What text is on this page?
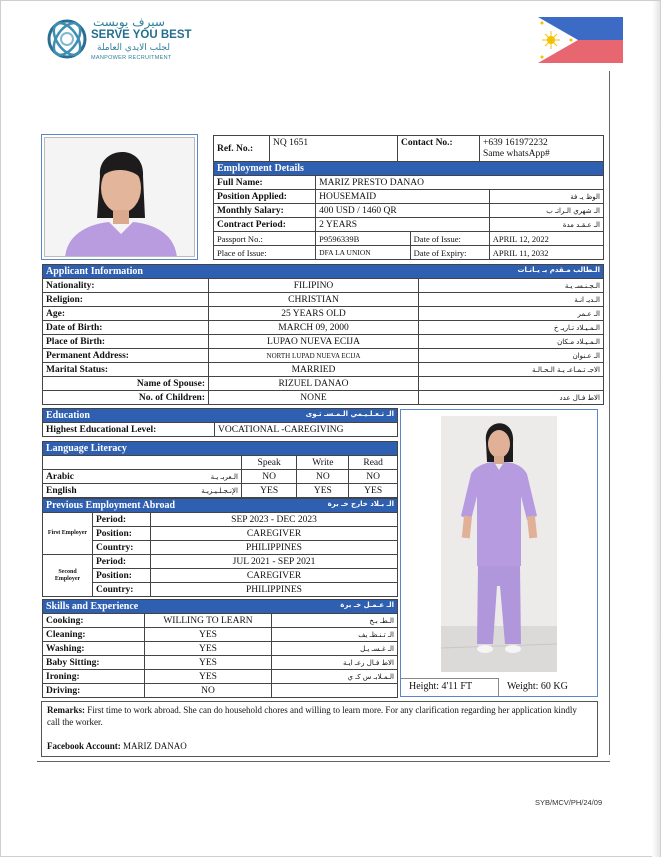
سيرف يوبست
SERVE YOU BEST
لجلب الايدي العاملة
MANPOWER RECRUITMENT
Ref. No.:	NQ 1651	Contact No.:	+639 161972232
Same whatsApp#
Employment Details			
Full Name:	MARIZ PRESTO DANAO		
Position Applied:	HOUSEMAID		الوظ يـ فة
Monthly Salary:	400 USD / 1460 QR		الـ شهري الـراتـ ب
Contract Period:	2 YEARS		الـ عـقـد مدة
Passport No.:	P9596339B	Date of Issue:	APRIL 12, 2022
Place of Issue:	DFA LA UNION	Date of Expiry:	APRIL 11, 2032
Applicant Information الـطالب مـقدم بـ يـانـات		

Nationality:	FILIPINO	الـجـنـسـ يـة
Religion:	CHRISTIAN	الـديـ انـة
Age:	25 YEARS OLD	الـ عـمر
Date of Birth:	MARCH 09, 2000	الـمـيـلاد تـاريـ خ
Place of Birth:	LUPAO NUEVA ECIJA	الـمـيـلاد مـكان
Permanent Address:	NORTH LUPAD NUEVA ECIJA	الـ عـنوان
Marital Status:	MARRIED	الاجـ تـمـاعـ يـة الـحـالـة
Name of Spouse:	RIZUEL DANAO	
No. of Children:	NONE	الاط فـال عدد
Education	الـ تـعـلـيـمي الـمـسـ تـوى

Highest Educational Level:	VOCATIONAL -CAREGIVING
Language Literacy				
		Speak	Write	Read
Arabic	الـعربـ يـة	NO	NO	NO
English	الإنـجـلـيـزيـة	YES	YES	YES
Previous Employment Abroad الـ بـلاد خارج خـ برة		

First Employer	Period:	SEP 2023 - DEC 2023
	Position:	CAREGIVER
	Country:	PHILIPPINES
Second Employer	Period:	JUL 2021 - SEP 2021
	Position:	CAREGIVER
	Country:	PHILIPPINES
Skills and Experience الـ عـمـل خـ برة		

Cooking:	WILLING TO LEARN	الـطـ بـخ
Cleaning:	YES	الـ تـنـظـ يف
Washing:	YES	الـ غـسـ يـل
Baby Sitting:	YES	الاط فـال رعـ ايـة
Ironing:	YES	الـمـلابـ س كـ ي
Driving:	NO		Height: 4'11 FT	Weight: 60 KG
Remarks: First time to work abroad. She can do household chores and willing to learn more. For any clarification regarding her application kindly call the worker.
Facebook Account: MARIZ DANAO
SYB/MCV/PH/24/09
